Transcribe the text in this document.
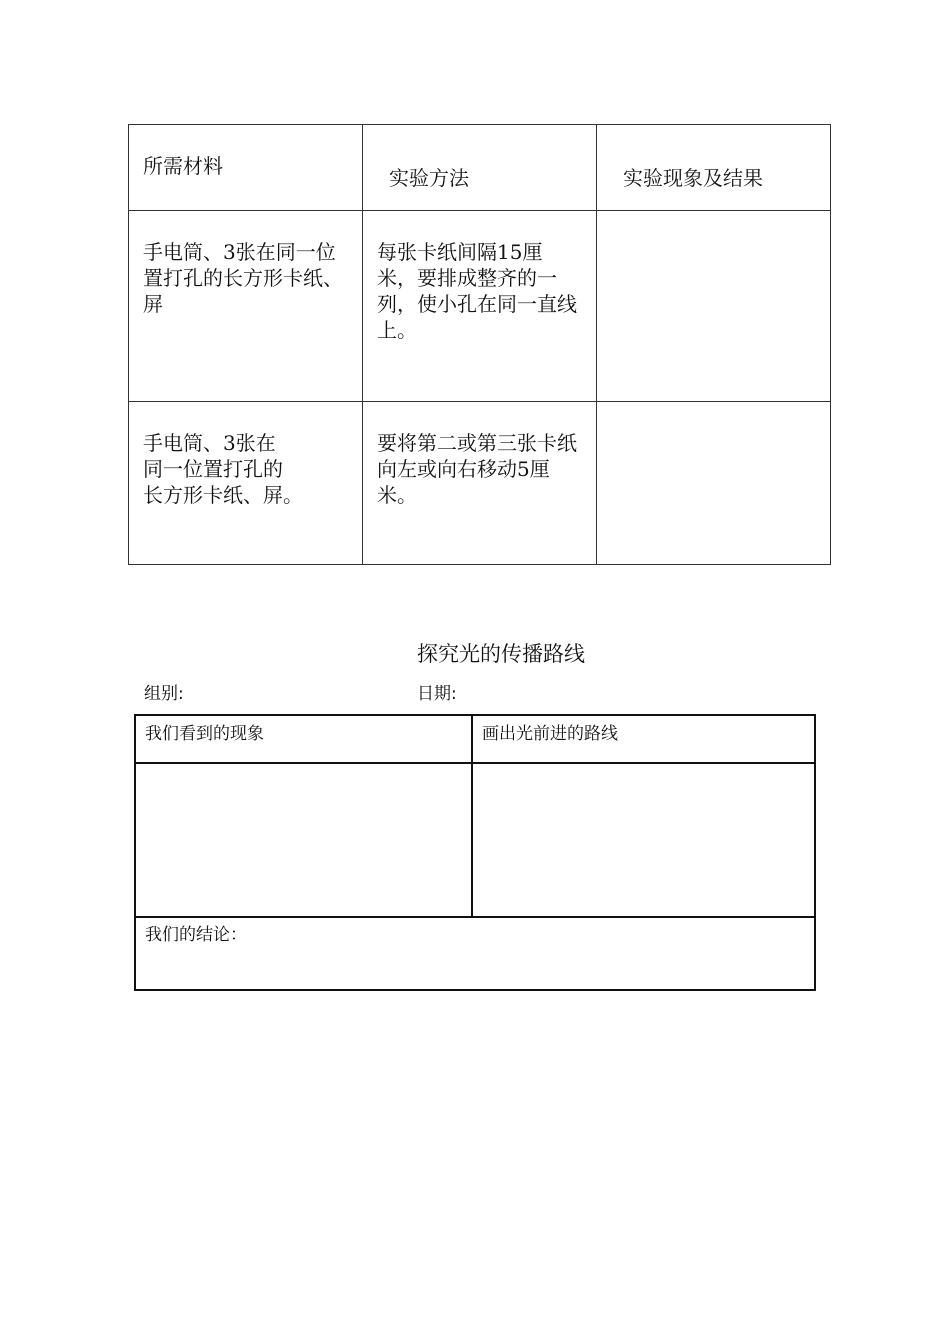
所需材料	实验方法	实验现象及结果

手电筒、3张在同一位置打孔的长方形卡纸、屏	每张卡纸间隔15厘米，要排成整齐的一列，使小孔在同一直线上。	

手电筒、3张在
同一位置打孔的
长方形卡纸、屏。	要将第二或第三张卡纸向左或向右移动5厘米。	

探究光的传播路线
组别:	日期:
我们看到的现象	画出光前进的路线
我们的结论：
